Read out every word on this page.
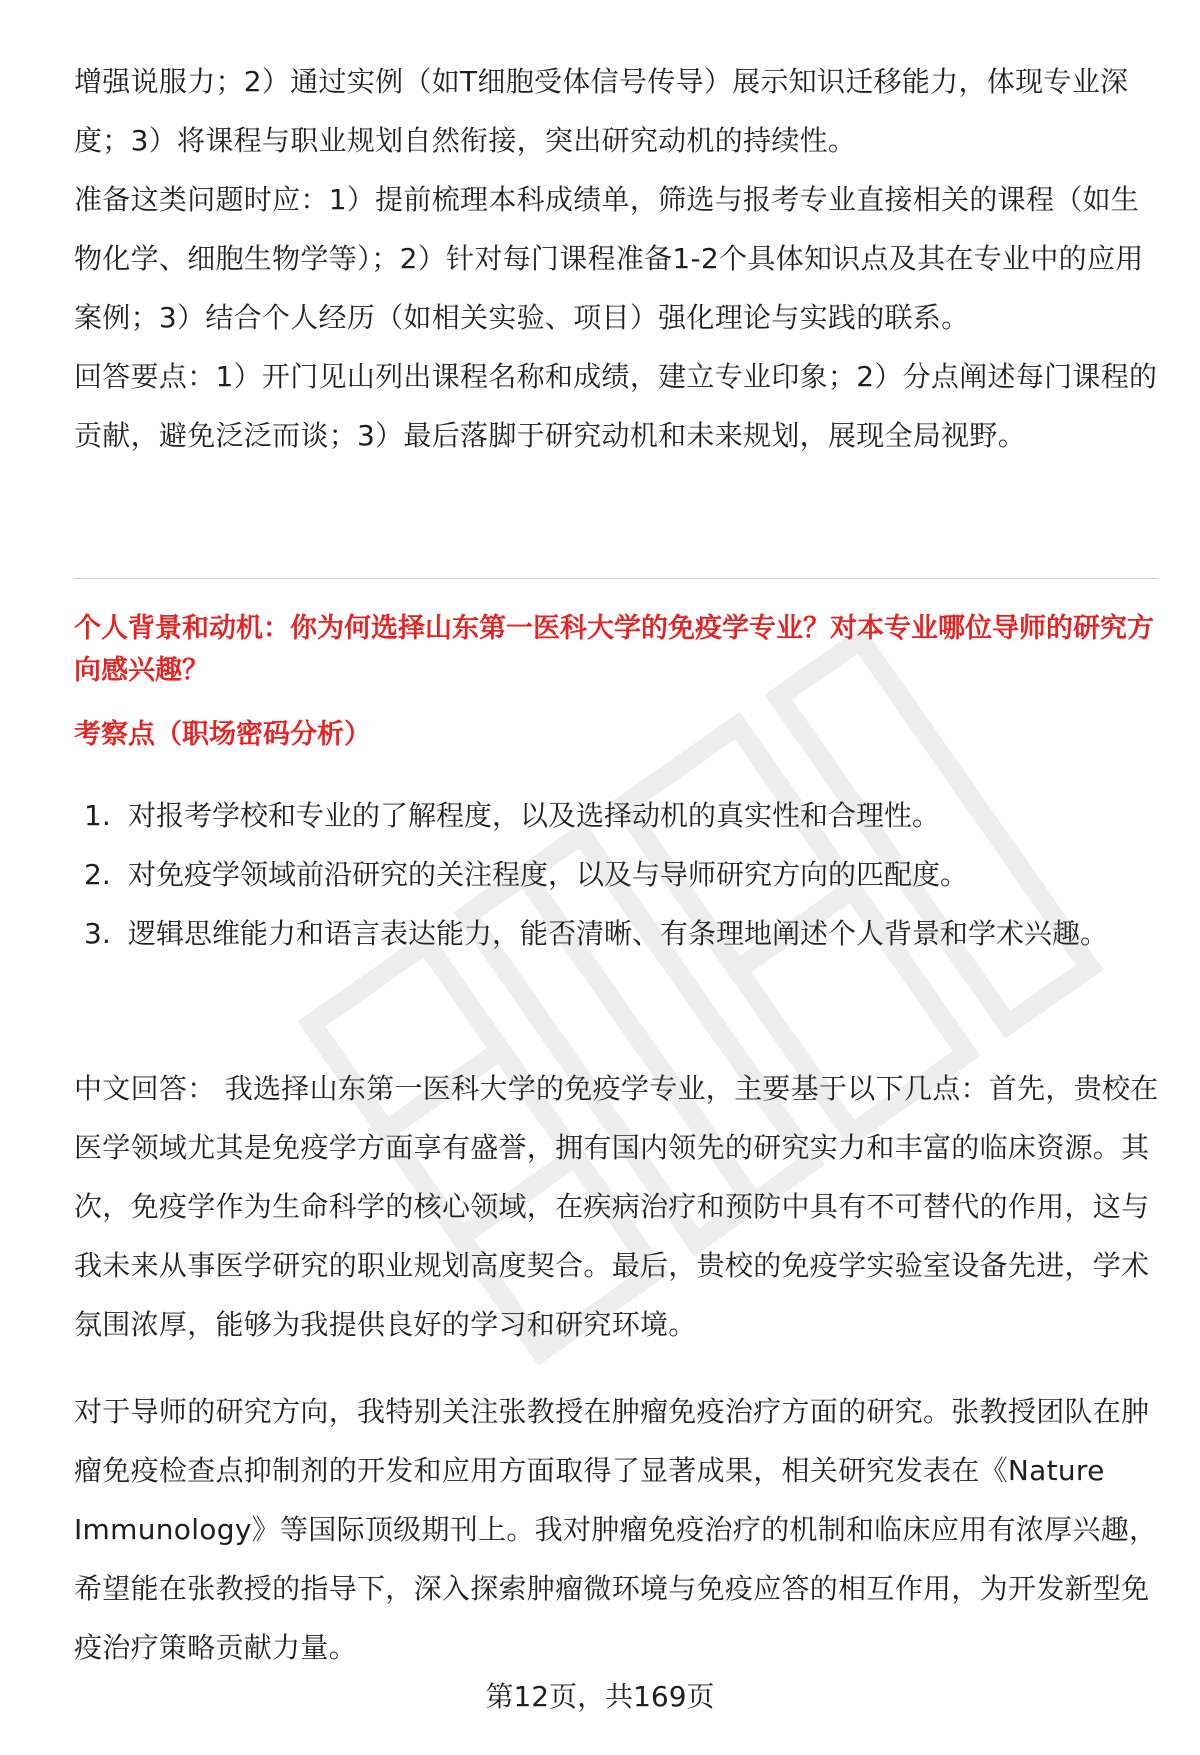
增强说服力；2）通过实例（如T细胞受体信号传导）展示知识迁移能力，体现专业深度；3）将课程与职业规划自然衔接，突出研究动机的持续性。

准备这类问题时应：1）提前梳理本科成绩单，筛选与报考专业直接相关的课程（如生物化学、细胞生物学等）；2）针对每门课程准备1-2个具体知识点及其在专业中的应用案例；3）结合个人经历（如相关实验、项目）强化理论与实践的联系。

回答要点：1）开门见山列出课程名称和成绩，建立专业印象；2）分点阐述每门课程的贡献，避免泛泛而谈；3）最后落脚于研究动机和未来规划，展现全局视野。

个人背景和动机：你为何选择山东第一医科大学的免疫学专业？对本专业哪位导师的研究方向感兴趣？

考察点（职场密码分析）

1. 对报考学校和专业的了解程度，以及选择动机的真实性和合理性。
2. 对免疫学领域前沿研究的关注程度，以及与导师研究方向的匹配度。
3. 逻辑思维能力和语言表达能力，能否清晰、有条理地阐述个人背景和学术兴趣。

中文回答： 我选择山东第一医科大学的免疫学专业，主要基于以下几点：首先，贵校在医学领域尤其是免疫学方面享有盛誉，拥有国内领先的研究实力和丰富的临床资源。其次，免疫学作为生命科学的核心领域，在疾病治疗和预防中具有不可替代的作用，这与我未来从事医学研究的职业规划高度契合。最后，贵校的免疫学实验室设备先进，学术氛围浓厚，能够为我提供良好的学习和研究环境。

对于导师的研究方向，我特别关注张教授在肿瘤免疫治疗方面的研究。张教授团队在肿瘤免疫检查点抑制剂的开发和应用方面取得了显著成果，相关研究发表在《Nature Immunology》等国际顶级期刊上。我对肿瘤免疫治疗的机制和临床应用有浓厚兴趣，希望能在张教授的指导下，深入探索肿瘤微环境与免疫应答的相互作用，为开发新型免疫治疗策略贡献力量。

第12页，共169页
